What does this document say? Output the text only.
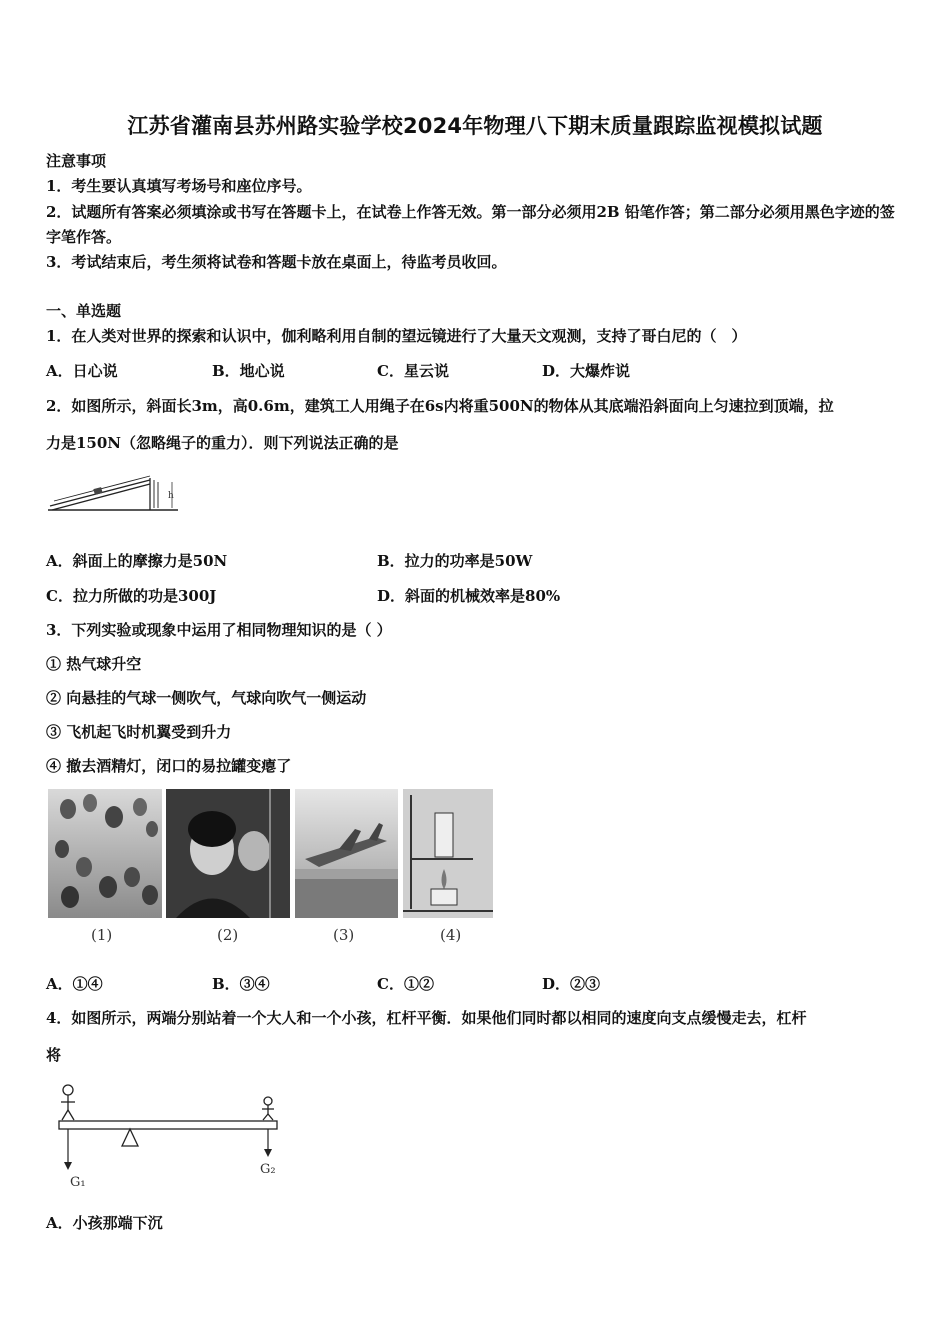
江苏省灌南县苏州路实验学校2024年物理八下期末质量跟踪监视模拟试题
注意事项
1．考生要认真填写考场号和座位序号。
2．试题所有答案必须填涂或书写在答题卡上，在试卷上作答无效。第一部分必须用2B 铅笔作答；第二部分必须用黑色字迹的签字笔作答。
3．考试结束后，考生须将试卷和答题卡放在桌面上，待监考员收回。
一、单选题
1．在人类对世界的探索和认识中，伽利略利用自制的望远镜进行了大量天文观测，支持了哥白尼的（　）
A．日心说	B．地心说	C．星云说	D．大爆炸说
2．如图所示，斜面长3m，高0.6m，建筑工人用绳子在6s内将重500N的物体从其底端沿斜面向上匀速拉到顶端，拉
力是150N（忽略绳子的重力）．则下列说法正确的是
h
A．斜面上的摩擦力是50N	B．拉力的功率是50W
C．拉力所做的功是300J	D．斜面的机械效率是80%
3．下列实验或现象中运用了相同物理知识的是（ ）
① 热气球升空
② 向悬挂的气球一侧吹气，气球向吹气一侧运动
③ 飞机起飞时机翼受到升力
④ 撤去酒精灯，闭口的易拉罐变瘪了
(1)	(2)	(3)	(4)
A．①④	B．③④	C．①②	D．②③
4．如图所示，两端分别站着一个大人和一个小孩，杠杆平衡．如果他们同时都以相同的速度向支点缓慢走去，杠杆
将
G₁
G₂
A．小孩那端下沉
